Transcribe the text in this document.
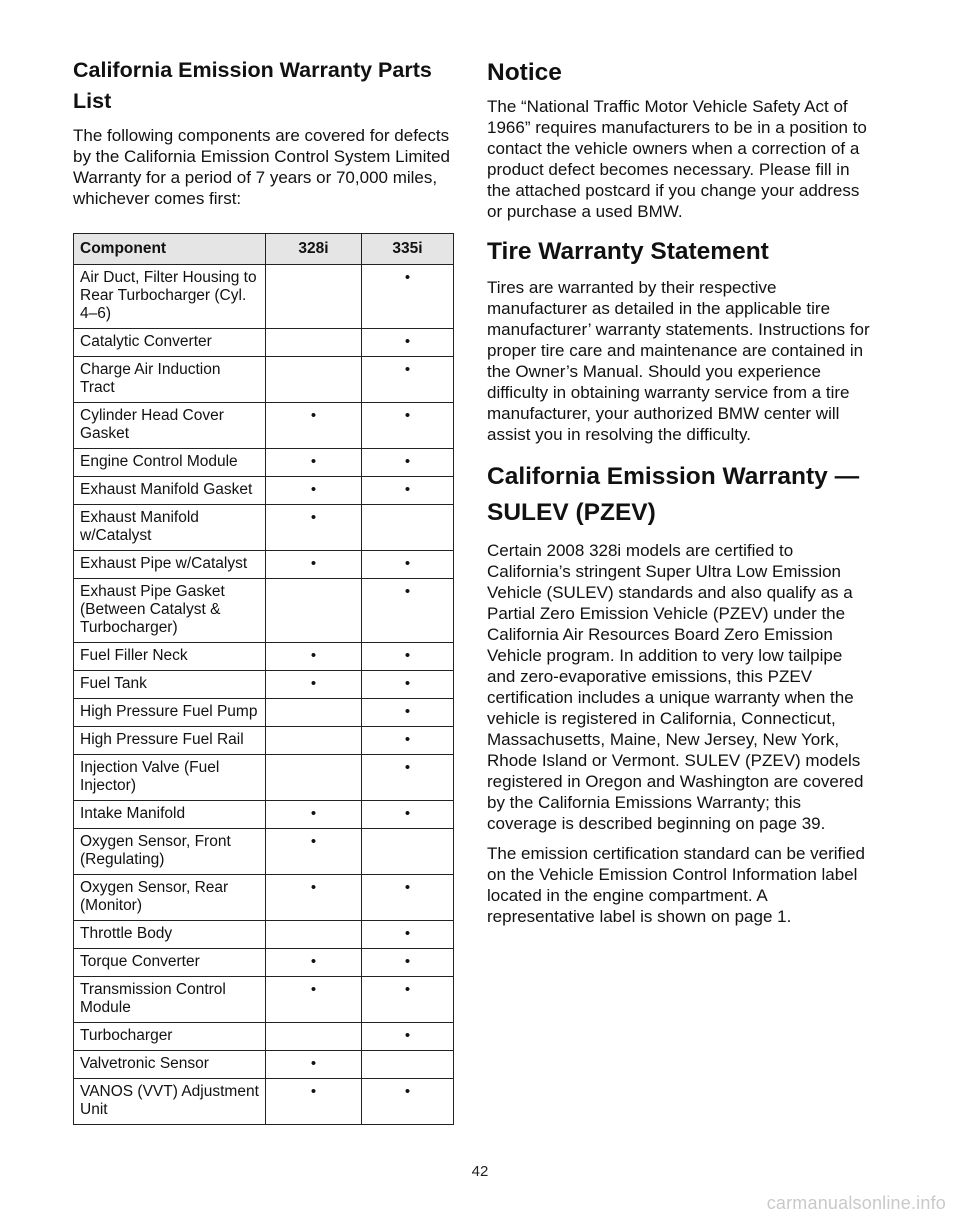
California Emission Warranty Parts List

The following components are covered for defects by the California Emission Control System Limited Warranty for a period of 7 years or 70,000 miles, whichever comes first:

Component	328i	335i
Air Duct, Filter Housing to Rear Turbocharger (Cyl. 4–6)		•
Catalytic Converter		•
Charge Air Induction Tract		•
Cylinder Head Cover Gasket	•	•
Engine Control Module	•	•
Exhaust Manifold Gasket	•	•
Exhaust Manifold w/Catalyst	•	
Exhaust Pipe w/Catalyst	•	•
Exhaust Pipe Gasket (Between Catalyst & Turbocharger)		•
Fuel Filler Neck	•	•
Fuel Tank	•	•
High Pressure Fuel Pump		•
High Pressure Fuel Rail		•
Injection Valve (Fuel Injector)		•
Intake Manifold	•	•
Oxygen Sensor, Front (Regulating)	•	
Oxygen Sensor, Rear (Monitor)	•	•
Throttle Body		•
Torque Converter	•	•
Transmission Control Module	•	•
Turbocharger		•
Valvetronic Sensor	•	
VANOS (VVT) Adjustment Unit	•	•
Notice

The “National Traffic Motor Vehicle Safety Act of 1966” requires manufacturers to be in a position to contact the vehicle owners when a correction of a product defect becomes necessary. Please fill in the attached postcard if you change your address or purchase a used BMW.

Tire Warranty Statement

Tires are warranted by their respective manufacturer as detailed in the applicable tire manufacturer’ warranty statements. Instructions for proper tire care and maintenance are contained in the Owner’s Manual. Should you experience difficulty in obtaining warranty service from a tire manufacturer, your authorized BMW center will assist you in resolving the difficulty.

California Emission Warranty — SULEV (PZEV)

Certain 2008 328i models are certified to California’s stringent Super Ultra Low Emission Vehicle (SULEV) standards and also qualify as a Partial Zero Emission Vehicle (PZEV) under the California Air Resources Board Zero Emission Vehicle program. In addition to very low tailpipe and zero-evaporative emissions, this PZEV certification includes a unique warranty when the vehicle is registered in California, Connecticut, Massachusetts, Maine, New Jersey, New York, Rhode Island or Vermont. SULEV (PZEV) models registered in Oregon and Washington are covered by the California Emissions Warranty; this coverage is described beginning on page 39.

The emission certification standard can be verified on the Vehicle Emission Control Information label located in the engine compartment. A representative label is shown on page 1.

42
carmanualsonline.info
